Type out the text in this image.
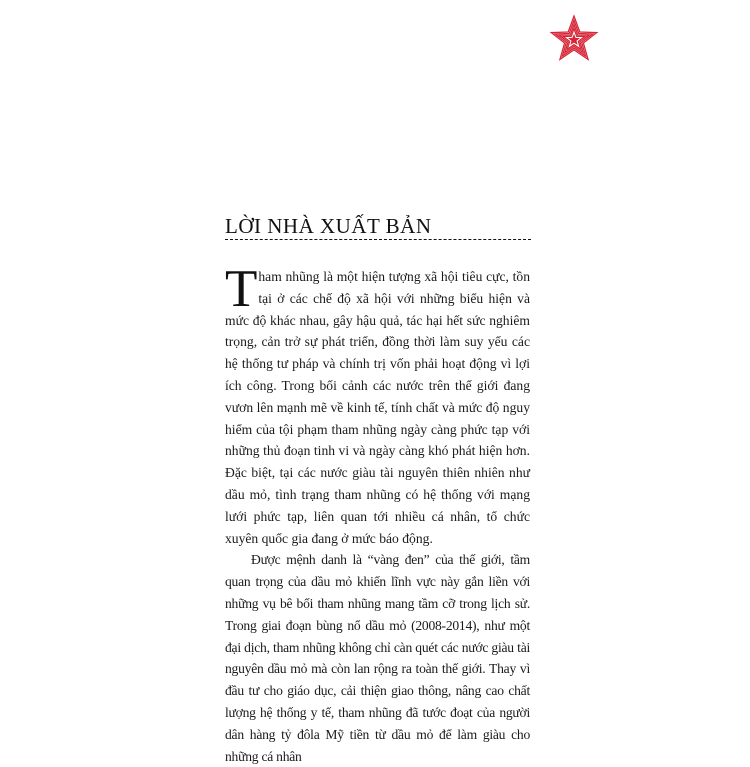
LỜI NHÀ XUẤT BẢN

Tham nhũng là một hiện tượng xã hội tiêu cực, tồn tại ở các chế độ xã hội với những biểu hiện và mức độ khác nhau, gây hậu quả, tác hại hết sức nghiêm trọng, cản trở sự phát triển, đồng thời làm suy yếu các hệ thống tư pháp và chính trị vốn phải hoạt động vì lợi ích công. Trong bối cảnh các nước trên thế giới đang vươn lên mạnh mẽ về kinh tế, tính chất và mức độ nguy hiểm của tội phạm tham nhũng ngày càng phức tạp với những thủ đoạn tinh vi và ngày càng khó phát hiện hơn. Đặc biệt, tại các nước giàu tài nguyên thiên nhiên như dầu mỏ, tình trạng tham nhũng có hệ thống với mạng lưới phức tạp, liên quan tới nhiều cá nhân, tổ chức xuyên quốc gia đang ở mức báo động.

Được mệnh danh là “vàng đen” của thế giới, tầm quan trọng của dầu mỏ khiến lĩnh vực này gắn liền với những vụ bê bối tham nhũng mang tầm cỡ trong lịch sử. Trong giai đoạn bùng nổ dầu mỏ (2008-2014), như một đại dịch, tham nhũng không chỉ càn quét các nước giàu tài nguyên dầu mỏ mà còn lan rộng ra toàn thế giới. Thay vì đầu tư cho giáo dục, cải thiện giao thông, nâng cao chất lượng hệ thống y tế, tham nhũng đã tước đoạt của người dân hàng tỷ đôla Mỹ tiền từ dầu mỏ để làm giàu cho những cá nhân
